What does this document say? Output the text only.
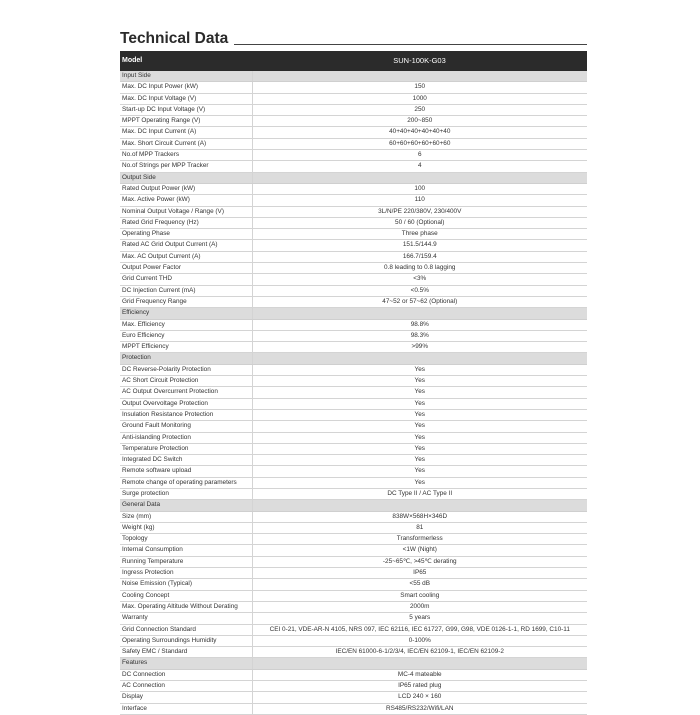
Technical Data
Model	SUN-100K-G03
Input Side	
Max. DC Input Power (kW)	150
Max. DC Input Voltage (V)	1000
Start-up DC Input Voltage (V)	250
MPPT Operating Range (V)	200~850
Max. DC Input Current (A)	40+40+40+40+40+40
Max. Short Circuit Current (A)	60+60+60+60+60+60
No.of MPP Trackers	6
No.of Strings per MPP Tracker	4
Output Side	
Rated Output Power (kW)	100
Max. Active Power (kW)	110
Nominal Output Voltage / Range (V)	3L/N/PE 220/380V, 230/400V
Rated Grid Frequency (Hz)	50 / 60 (Optional)
Operating Phase	Three phase
Rated AC Grid Output Current (A)	151.5/144.9
Max. AC Output Current (A)	166.7/159.4
Output Power Factor	0.8 leading to 0.8 lagging
Grid Current THD	<3%
DC Injection Current (mA)	<0.5%
Grid Frequency Range	47~52 or 57~62 (Optional)
Efficiency	
Max. Efficiency	98.8%
Euro Efficiency	98.3%
MPPT Efficiency	>99%
Protection	
DC Reverse-Polarity Protection	Yes
AC Short Circuit Protection	Yes
AC Output Overcurrent Protection	Yes
Output Overvoltage Protection	Yes
Insulation Resistance Protection	Yes
Ground Fault Monitoring	Yes
Anti-islanding Protection	Yes
Temperature Protection	Yes
Integrated DC Switch	Yes
Remote software upload	Yes
Remote change of operating parameters	Yes
Surge protection	DC Type II / AC Type II
General Data	
Size (mm)	838W×568H×346D
Weight (kg)	81
Topology	Transformerless
Internal Consumption	<1W (Night)
Running Temperature	-25~65℃, >45℃ derating
Ingress Protection	IP65
Noise Emission (Typical)	<55 dB
Cooling Concept	Smart cooling
Max. Operating Altitude Without Derating	2000m
Warranty	5 years
Grid Connection Standard	CEI 0-21, VDE-AR-N 4105, NRS 097, IEC 62116, IEC 61727, G99, G98, VDE 0126-1-1, RD 1699, C10-11
Operating Surroundings Humidity	0-100%
Safety EMC / Standard	IEC/EN 61000-6-1/2/3/4, IEC/EN 62109-1, IEC/EN 62109-2
Features	
DC Connection	MC-4 mateable
AC Connection	IP65 rated plug
Display	LCD 240 × 160
Interface	RS485/RS232/Wifi/LAN
